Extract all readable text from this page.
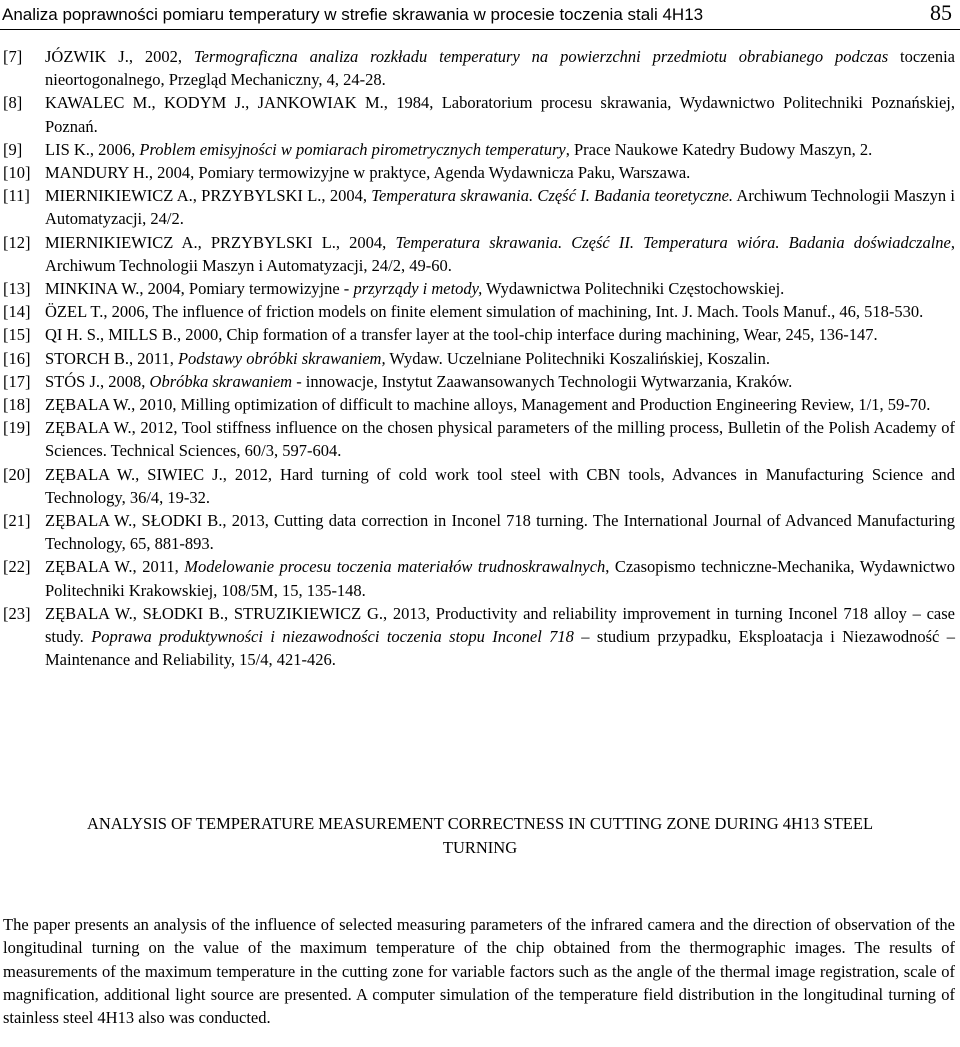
Analiza poprawności pomiaru temperatury w strefie skrawania w procesie toczenia stali 4H13	85
[7] JÓZWIK J., 2002, Termograficzna analiza rozkładu temperatury na powierzchni przedmiotu obrabianego podczas toczenia nieortogonalnego, Przegląd Mechaniczny, 4, 24-28.
[8] KAWALEC M., KODYM J., JANKOWIAK M., 1984, Laboratorium procesu skrawania, Wydawnictwo Politechniki Poznańskiej, Poznań.
[9] LIS K., 2006, Problem emisyjności w pomiarach pirometrycznych temperatury, Prace Naukowe Katedry Budowy Maszyn, 2.
[10] MANDURY H., 2004, Pomiary termowizyjne w praktyce, Agenda Wydawnicza Paku, Warszawa.
[11] MIERNIKIEWICZ A., PRZYBYLSKI L., 2004, Temperatura skrawania. Część I. Badania teoretyczne. Archiwum Technologii Maszyn i Automatyzacji, 24/2.
[12] MIERNIKIEWICZ A., PRZYBYLSKI L., 2004, Temperatura skrawania. Część II. Temperatura wióra. Badania doświadczalne, Archiwum Technologii Maszyn i Automatyzacji, 24/2, 49-60.
[13] MINKINA W., 2004, Pomiary termowizyjne - przyrządy i metody, Wydawnictwa Politechniki Częstochowskiej.
[14] ÖZEL T., 2006, The influence of friction models on finite element simulation of machining, Int. J. Mach. Tools Manuf., 46, 518-530.
[15] QI H. S., MILLS B., 2000, Chip formation of a transfer layer at the tool-chip interface during machining, Wear, 245, 136-147.
[16] STORCH B., 2011, Podstawy obróbki skrawaniem, Wydaw. Uczelniane Politechniki Koszalińskiej, Koszalin.
[17] STÓS J., 2008, Obróbka skrawaniem - innowacje, Instytut Zaawansowanych Technologii Wytwarzania, Kraków.
[18] ZĘBALA W., 2010, Milling optimization of difficult to machine alloys, Management and Production Engineering Review, 1/1, 59-70.
[19] ZĘBALA W., 2012, Tool stiffness influence on the chosen physical parameters of the milling process, Bulletin of the Polish Academy of Sciences. Technical Sciences, 60/3, 597-604.
[20] ZĘBALA W., SIWIEC J., 2012, Hard turning of cold work tool steel with CBN tools, Advances in Manufacturing Science and Technology, 36/4, 19-32.
[21] ZĘBALA W., SŁODKI B., 2013, Cutting data correction in Inconel 718 turning. The International Journal of Advanced Manufacturing Technology, 65, 881-893.
[22] ZĘBALA W., 2011, Modelowanie procesu toczenia materiałów trudnoskrawalnych, Czasopismo techniczne-Mechanika, Wydawnictwo Politechniki Krakowskiej, 108/5M, 15, 135-148.
[23] ZĘBALA W., SŁODKI B., STRUZIKIEWICZ G., 2013, Productivity and reliability improvement in turning Inconel 718 alloy – case study. Poprawa produktywności i niezawodności toczenia stopu Inconel 718 – studium przypadku, Eksploatacja i Niezawodność – Maintenance and Reliability, 15/4, 421-426.
ANALYSIS OF TEMPERATURE MEASUREMENT CORRECTNESS IN CUTTING ZONE DURING 4H13 STEEL
TURNING
The paper presents an analysis of the influence of selected measuring parameters of the infrared camera and the direction of observation of the longitudinal turning on the value of the maximum temperature of the chip obtained from the thermographic images. The results of measurements of the maximum temperature in the cutting zone for variable factors such as the angle of the thermal image registration, scale of magnification, additional light source are presented. A computer simulation of the temperature field distribution in the longitudinal turning of stainless steel 4H13 also was conducted.
